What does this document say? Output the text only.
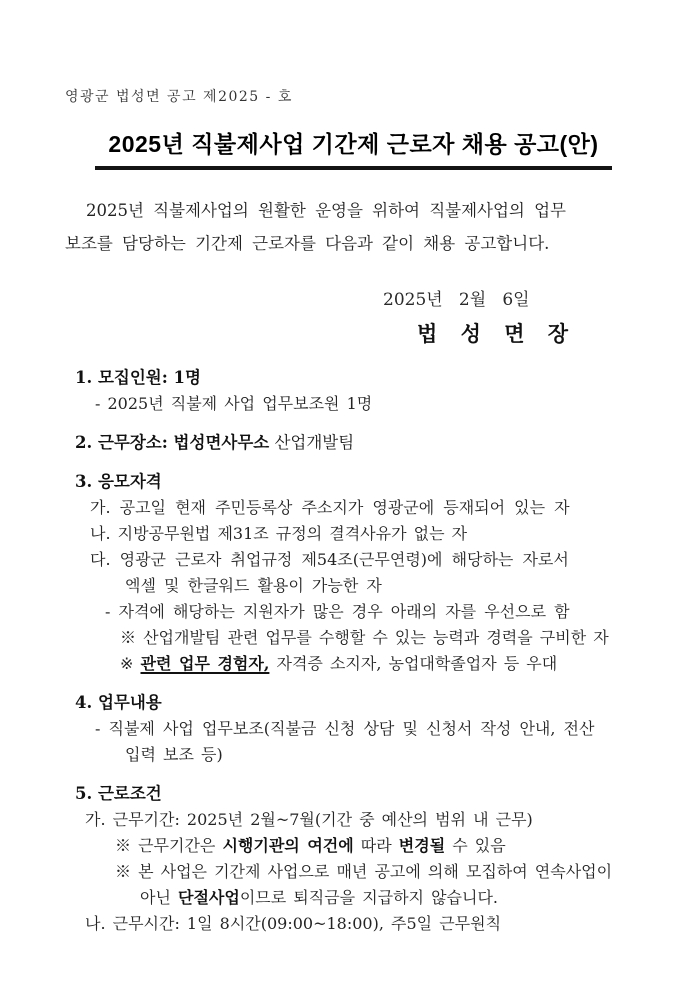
영광군 법성면 공고 제2025 - 호
2025년 직불제사업 기간제 근로자 채용 공고(안)
2025년 직불제사업의 원활한 운영을 위하여 직불제사업의 업무
보조를 담당하는 기간제 근로자를 다음과 같이 채용 공고합니다.
2025년   2월   6일
법 성 면 장
1. 모집인원: 1명
- 2025년 직불제 사업 업무보조원 1명
2. 근무장소: 법성면사무소 산업개발팀
3. 응모자격
가. 공고일 현재 주민등록상 주소지가 영광군에 등재되어 있는 자
나. 지방공무원법 제31조 규정의 결격사유가 없는 자
다. 영광군 근로자 취업규정 제54조(근무연령)에 해당하는 자로서
엑셀 및 한글워드 활용이 가능한 자
- 자격에 해당하는 지원자가 많은 경우 아래의 자를 우선으로 함
※ 산업개발팀 관련 업무를 수행할 수 있는 능력과 경력을 구비한 자
※ 관련 업무 경험자, 자격증 소지자, 농업대학졸업자 등 우대
4. 업무내용
- 직불제 사업 업무보조(직불금 신청 상담 및 신청서 작성 안내, 전산
입력 보조 등)
5. 근로조건
가. 근무기간: 2025년 2월~7월(기간 중 예산의 범위 내 근무)
※ 근무기간은 시행기관의 여건에 따라 변경될 수 있음
※ 본 사업은 기간제 사업으로 매년 공고에 의해 모집하여 연속사업이
아닌 단절사업이므로 퇴직금을 지급하지 않습니다.
나. 근무시간: 1일 8시간(09:00~18:00), 주5일 근무원칙
